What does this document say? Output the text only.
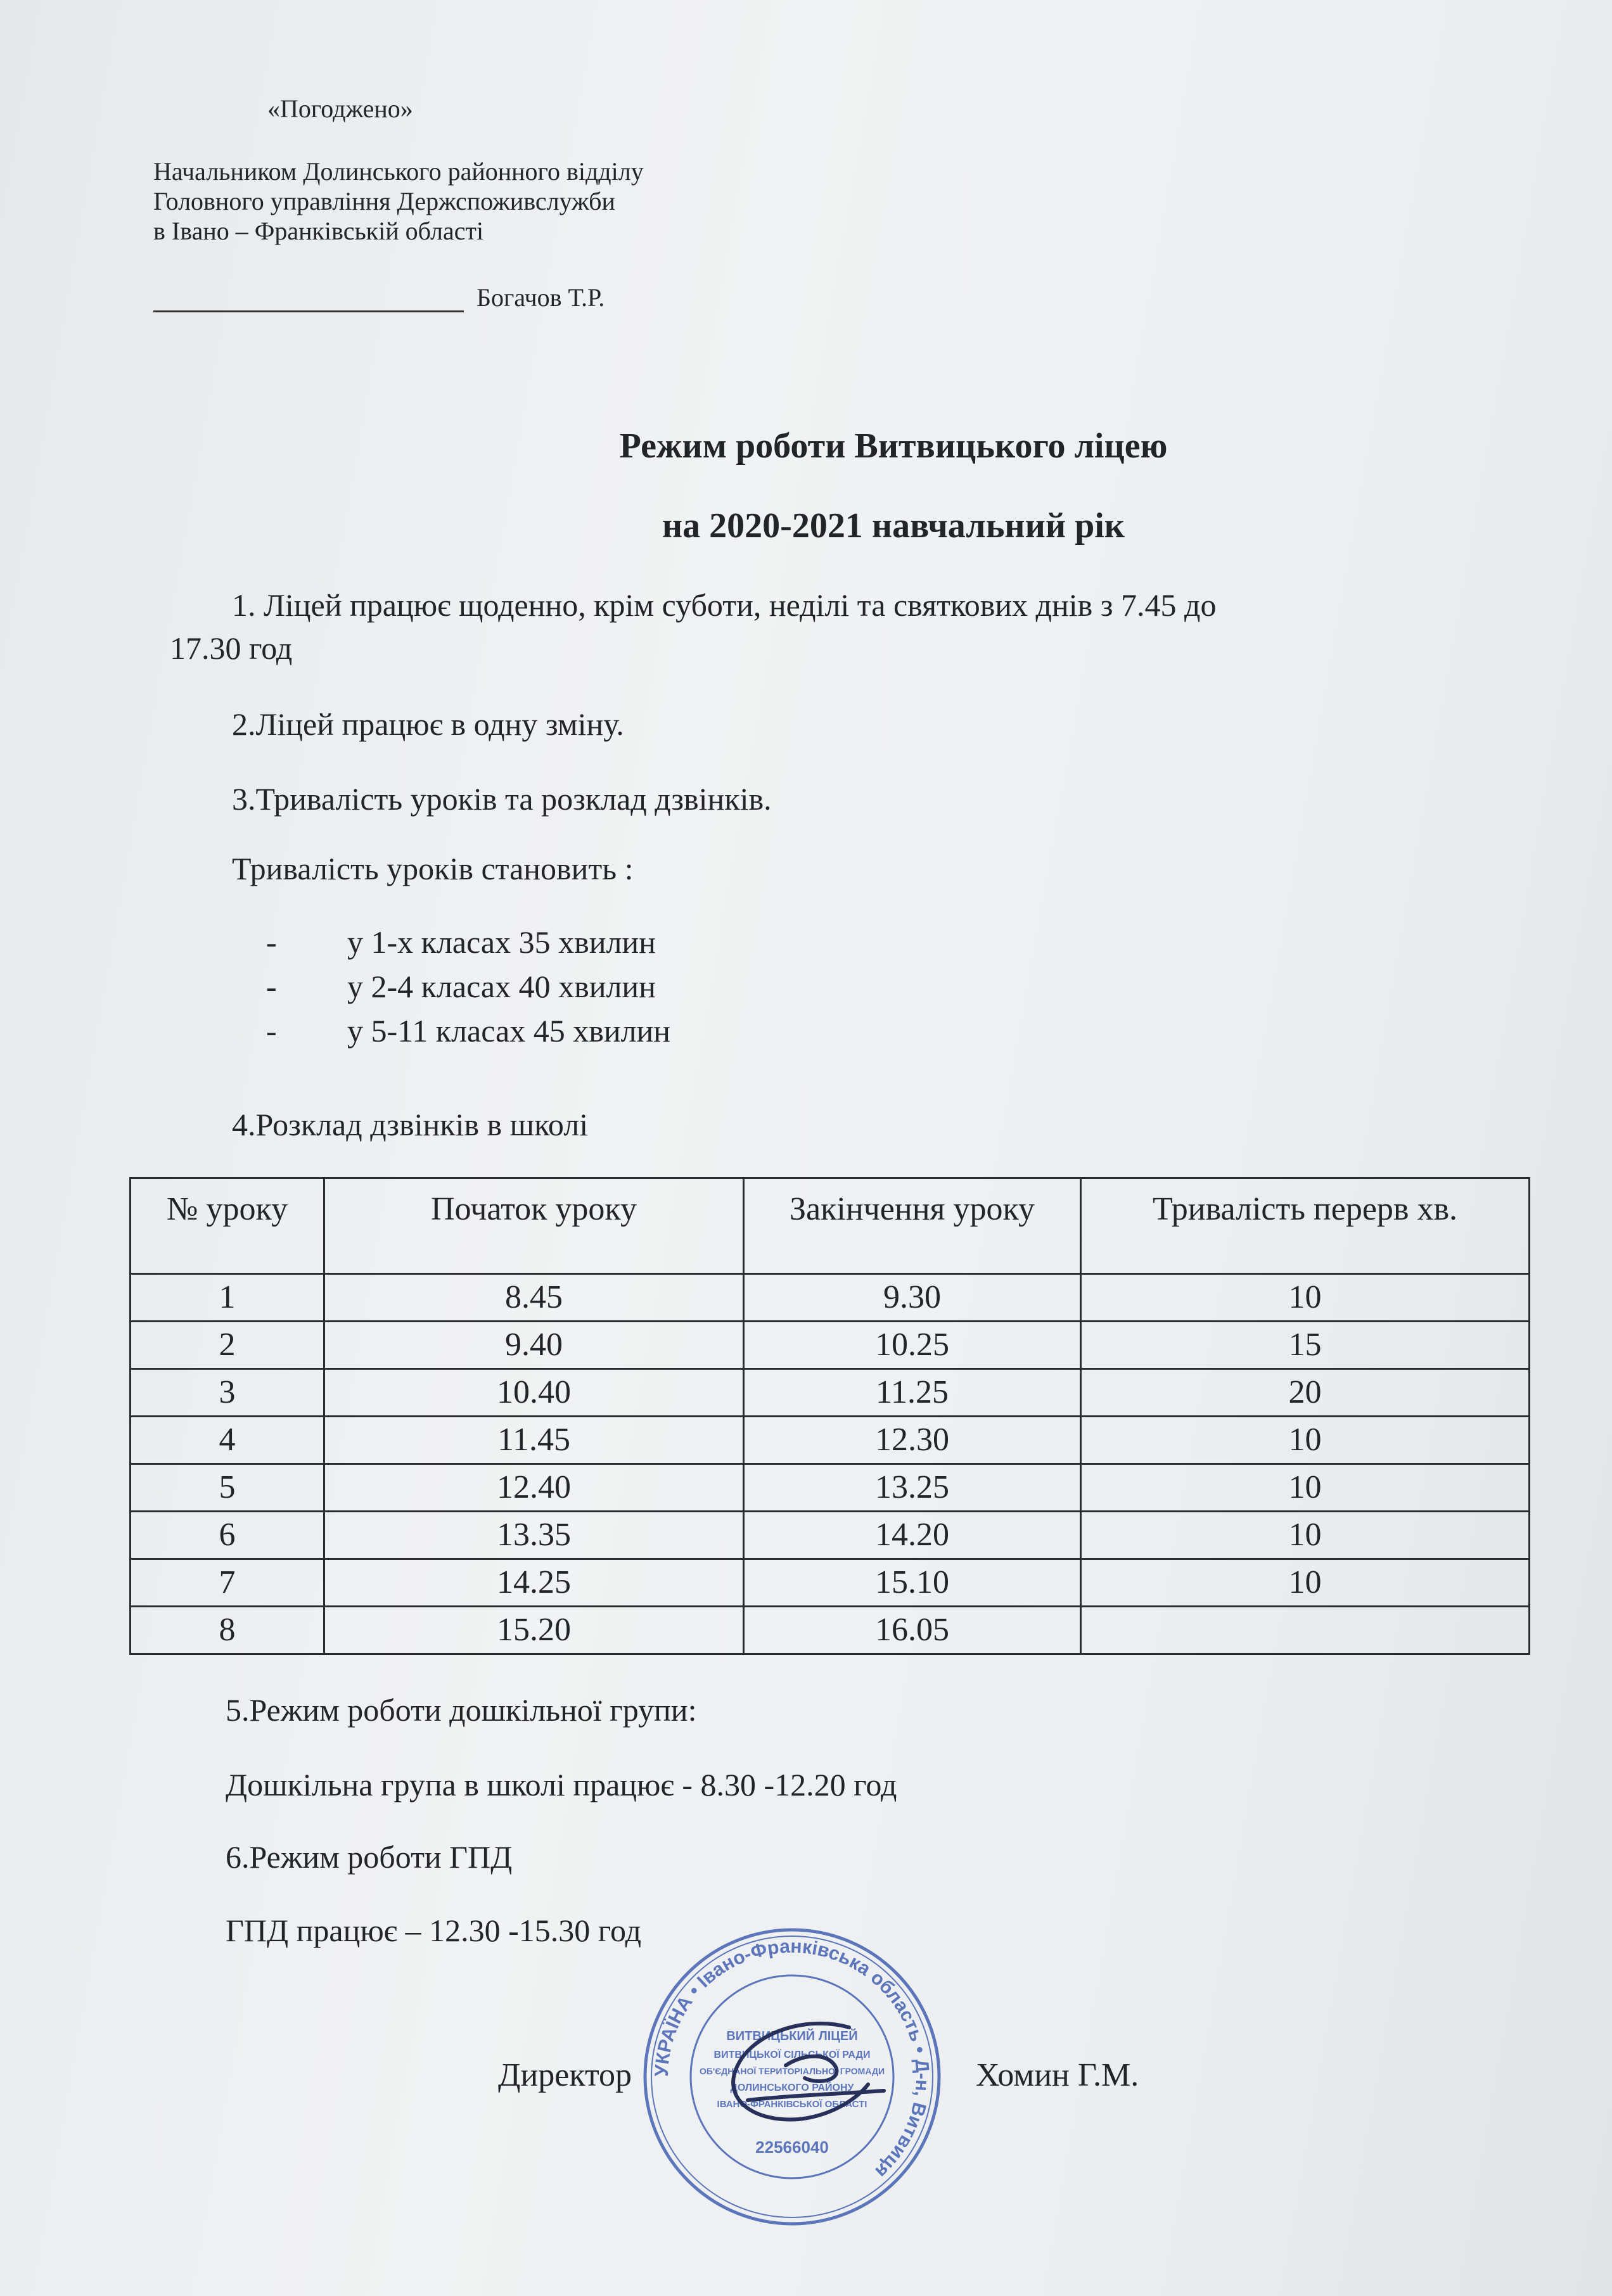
«Погоджено»
Начальником Долинського районного відділу
Головного управління Держспоживслужби
в Івано – Франківській області
Богачов Т.Р.
Режим роботи Витвицького ліцею
на 2020-2021 навчальний рік
1. Ліцей працює щоденно, крім суботи, неділі та святкових днів з 7.45 до
17.30 год
2.Ліцей працює в одну зміну.
3.Тривалість уроків та розклад дзвінків.
Тривалість уроків становить :
-	у 1-х класах 35 хвилин
-	у 2-4 класах 40 хвилин
-	у 5-11 класах 45 хвилин
4.Розклад дзвінків в школі
№ уроку	Початок уроку	Закінчення уроку	Тривалість перерв хв.
1	8.45	9.30	10
2	9.40	10.25	15
3	10.40	11.25	20
4	11.45	12.30	10
5	12.40	13.25	10
6	13.35	14.20	10
7	14.25	15.10	10
8	15.20	16.05	
5.Режим роботи дошкільної групи:
Дошкільна група в школі працює - 8.30 -12.20 год
6.Режим роботи ГПД
ГПД працює – 12.30 -15.30 год
УКРАЇНА • Івано-Франківська область • Д-н, Витвиця
ВИТВИЦЬКИЙ ЛІЦЕЙ
ВИТВИЦЬКОЇ СІЛЬСЬКОЇ РАДИ
ОБ'ЄДНАНОЇ ТЕРИТОРІАЛЬНОЇ ГРОМАДИ
ДОЛИНСЬКОГО РАЙОНУ
ІВАНО-ФРАНКІВСЬКОЇ ОБЛАСТІ
22566040
Директор	Хомин Г.М.
